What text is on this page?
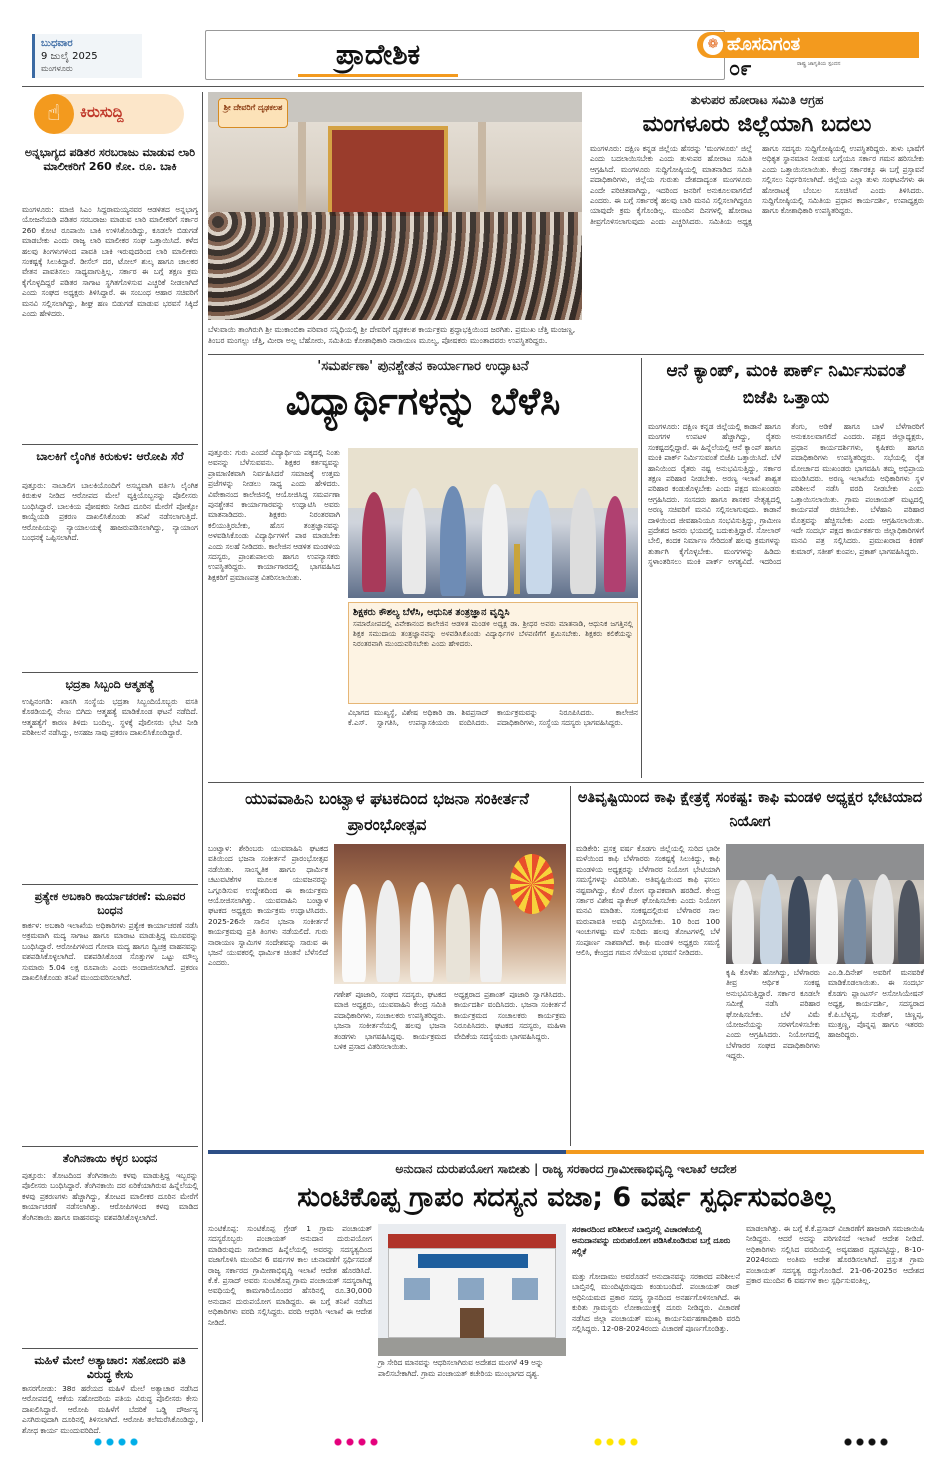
ಬುಧವಾರ
9 ಜುಲೈ 2025
ಮಂಗಳೂರು	ಪ್ರಾದೇಶಿಕ	❁ ಹೊಸದಿಗಂತ
ರಾಷ್ಟ್ರ ಜಾಗೃತಿಯ ಸ್ಪಂದನ
೦೯
☝	ಕಿರುಸುದ್ದಿ
ಅನ್ನಭಾಗ್ಯದ ಪಡಿತರ ಸರಬರಾಜು ಮಾಡುವ ಲಾರಿ ಮಾಲೀಕರಿಗೆ 260 ಕೋ. ರೂ. ಬಾಕಿ
ಮಂಗಳೂರು: ಮಾಜಿ ಸಿಎಂ ಸಿದ್ದರಾಮಯ್ಯನವರ ಆಡಳಿತದ ಅನ್ನಭಾಗ್ಯ ಯೋಜನೆಯಡಿ ಪಡಿತರ ಸರಬರಾಜು ಮಾಡುವ ಲಾರಿ ಮಾಲೀಕರಿಗೆ ಸರ್ಕಾರ 260 ಕೋಟಿ ರೂಪಾಯಿ ಬಾಕಿ ಉಳಿಸಿಕೊಂಡಿದ್ದು, ಕೂಡಲೇ ಬಿಡುಗಡೆ ಮಾಡಬೇಕು ಎಂದು ರಾಜ್ಯ ಲಾರಿ ಮಾಲೀಕರ ಸಂಘ ಒತ್ತಾಯಿಸಿದೆ. ಕಳೆದ ಹಲವು ತಿಂಗಳುಗಳಿಂದ ಪಾವತಿ ಬಾಕಿ ಇರುವುದರಿಂದ ಲಾರಿ ಮಾಲೀಕರು ಸಂಕಷ್ಟಕ್ಕೆ ಸಿಲುಕಿದ್ದಾರೆ. ಡೀಸೆಲ್ ದರ, ಟೋಲ್ ಶುಲ್ಕ ಹಾಗೂ ಚಾಲಕರ ವೇತನ ಪಾವತಿಸಲು ಸಾಧ್ಯವಾಗುತ್ತಿಲ್ಲ. ಸರ್ಕಾರ ಈ ಬಗ್ಗೆ ತಕ್ಷಣ ಕ್ರಮ ಕೈಗೊಳ್ಳದಿದ್ದರೆ ಪಡಿತರ ಸಾಗಾಟ ಸ್ಥಗಿತಗೊಳಿಸುವ ಎಚ್ಚರಿಕೆ ನೀಡಲಾಗಿದೆ ಎಂದು ಸಂಘದ ಅಧ್ಯಕ್ಷರು ತಿಳಿಸಿದ್ದಾರೆ. ಈ ಸಂಬಂಧ ಆಹಾರ ಸಚಿವರಿಗೆ ಮನವಿ ಸಲ್ಲಿಸಲಾಗಿದ್ದು, ಶೀಘ್ರ ಹಣ ಬಿಡುಗಡೆ ಮಾಡುವ ಭರವಸೆ ಸಿಕ್ಕಿದೆ ಎಂದು ಹೇಳಿದರು.
ಬಾಲಕಿಗೆ ಲೈಂಗಿಕ ಕಿರುಕುಳ: ಆರೋಪಿ ಸೆರೆ
ಪುತ್ತೂರು: ನಾಬಾಲಿಗ ಬಾಲಕಿಯೊಂದಿಗೆ ಅಸಭ್ಯವಾಗಿ ವರ್ತಿಸಿ ಲೈಂಗಿಕ ಕಿರುಕುಳ ನೀಡಿದ ಆರೋಪದ ಮೇಲೆ ವ್ಯಕ್ತಿಯೊಬ್ಬನನ್ನು ಪೊಲೀಸರು ಬಂಧಿಸಿದ್ದಾರೆ. ಬಾಲಕಿಯ ಪೋಷಕರು ನೀಡಿದ ದೂರಿನ ಮೇರೆಗೆ ಪೋಕ್ಸೋ ಕಾಯ್ದೆಯಡಿ ಪ್ರಕರಣ ದಾಖಲಿಸಿಕೊಂಡು ತನಿಖೆ ನಡೆಸಲಾಗುತ್ತಿದೆ. ಆರೋಪಿಯನ್ನು ನ್ಯಾಯಾಲಯಕ್ಕೆ ಹಾಜರುಪಡಿಸಲಾಗಿದ್ದು, ನ್ಯಾಯಾಂಗ ಬಂಧನಕ್ಕೆ ಒಪ್ಪಿಸಲಾಗಿದೆ.
ಭದ್ರತಾ ಸಿಬ್ಬಂದಿ ಆತ್ಮಹತ್ಯೆ
ಉಪ್ಪಿನಂಗಡಿ: ಖಾಸಗಿ ಸಂಸ್ಥೆಯ ಭದ್ರತಾ ಸಿಬ್ಬಂದಿಯೊಬ್ಬರು ವಸತಿ ಕೊಠಡಿಯಲ್ಲಿ ನೇಣು ಬಿಗಿದು ಆತ್ಮಹತ್ಯೆ ಮಾಡಿಕೊಂಡ ಘಟನೆ ನಡೆದಿದೆ. ಆತ್ಮಹತ್ಯೆಗೆ ಕಾರಣ ತಿಳಿದು ಬಂದಿಲ್ಲ. ಸ್ಥಳಕ್ಕೆ ಪೊಲೀಸರು ಭೇಟಿ ನೀಡಿ ಪರಿಶೀಲನೆ ನಡೆಸಿದ್ದು, ಅಸಹಜ ಸಾವು ಪ್ರಕರಣ ದಾಖಲಿಸಿಕೊಂಡಿದ್ದಾರೆ.
ಪ್ರತ್ಯೇಕ ಅಬಕಾರಿ ಕಾರ್ಯಾಚರಣೆ: ಮೂವರ ಬಂಧನ
ಕಾರ್ಕಳ: ಅಬಕಾರಿ ಇಲಾಖೆಯ ಅಧಿಕಾರಿಗಳು ಪ್ರತ್ಯೇಕ ಕಾರ್ಯಾಚರಣೆ ನಡೆಸಿ ಅಕ್ರಮವಾಗಿ ಮದ್ಯ ಸಾಗಾಟ ಹಾಗೂ ಮಾರಾಟ ಮಾಡುತ್ತಿದ್ದ ಮೂವರನ್ನು ಬಂಧಿಸಿದ್ದಾರೆ. ಆರೋಪಿಗಳಿಂದ ಗೋವಾ ಮದ್ಯ ಹಾಗೂ ದ್ವಿಚಕ್ರ ವಾಹನವನ್ನು ವಶಪಡಿಸಿಕೊಳ್ಳಲಾಗಿದೆ. ವಶಪಡಿಸಿಕೊಂಡ ಸೊತ್ತುಗಳ ಒಟ್ಟು ಮೌಲ್ಯ ಸುಮಾರು 5.04 ಲಕ್ಷ ರೂಪಾಯಿ ಎಂದು ಅಂದಾಜಿಸಲಾಗಿದೆ. ಪ್ರಕರಣ ದಾಖಲಿಸಿಕೊಂಡು ತನಿಖೆ ಮುಂದುವರಿಸಲಾಗಿದೆ.
ತೆಂಗಿನಕಾಯಿ ಕಳ್ಳರ ಬಂಧನ
ಪುತ್ತೂರು: ತೋಟದಿಂದ ತೆಂಗಿನಕಾಯಿ ಕಳವು ಮಾಡುತ್ತಿದ್ದ ಇಬ್ಬರನ್ನು ಪೊಲೀಸರು ಬಂಧಿಸಿದ್ದಾರೆ. ತೆಂಗಿನಕಾಯಿ ದರ ಏರಿಕೆಯಾಗಿರುವ ಹಿನ್ನೆಲೆಯಲ್ಲಿ ಕಳವು ಪ್ರಕರಣಗಳು ಹೆಚ್ಚಾಗಿದ್ದು, ತೋಟದ ಮಾಲೀಕರ ದೂರಿನ ಮೇರೆಗೆ ಕಾರ್ಯಾಚರಣೆ ನಡೆಸಲಾಗಿತ್ತು. ಆರೋಪಿಗಳಿಂದ ಕಳವು ಮಾಡಿದ ತೆಂಗಿನಕಾಯಿ ಹಾಗೂ ವಾಹನವನ್ನು ವಶಪಡಿಸಿಕೊಳ್ಳಲಾಗಿದೆ.
ಮಹಿಳೆ ಮೇಲೆ ಅತ್ಯಾಚಾರ: ಸಹೋದರಿ ಪತಿ ವಿರುದ್ಧ ಕೇಸು
ಕಾಸರಗೋಡು: 38ರ ಹರೆಯದ ಮಹಿಳೆ ಮೇಲೆ ಅತ್ಯಾಚಾರ ನಡೆಸಿದ ಆರೋಪದಲ್ಲಿ ಆಕೆಯ ಸಹೋದರಿಯ ಪತಿಯ ವಿರುದ್ಧ ಪೊಲೀಸರು ಕೇಸು ದಾಖಲಿಸಿದ್ದಾರೆ. ಆರೋಪಿ ಮಹಿಳೆಗೆ ಬೆದರಿಕೆ ಒಡ್ಡಿ ದೌರ್ಜನ್ಯ ಎಸಗಿರುವುದಾಗಿ ದೂರಿನಲ್ಲಿ ತಿಳಿಸಲಾಗಿದೆ. ಆರೋಪಿ ತಲೆಮರೆಸಿಕೊಂಡಿದ್ದು, ಶೋಧ ಕಾರ್ಯ ಮುಂದುವರಿದಿದೆ.
ಶ್ರೀ ದೇವರಿಗೆ ದೃಢಕಲಶ
ಬೆಳುವಾಯಿ ತಾಂಗಿರುಗಿ ಶ್ರೀ ಮುಕಾಂಬಿಕಾ ಪರಿವಾರ ಸನ್ನಿಧಿಯಲ್ಲಿ ಶ್ರೀ ದೇವರಿಗೆ ದೃಢಕಲಶ ಕಾರ್ಯಕ್ರಮ ಶ್ರದ್ಧಾಭಕ್ತಿಯಿಂದ ಜರಗಿತು. ಪ್ರಮುಖ ಚೆತ್ತಿ ಮಂಜಣ್ಣ, ತಿಂಬರ ಮಂಗಲ್ಲು ಚೆತ್ತಿ, ಮೀರಾ ಅಲ್ಲ ಬೆಹೋರು, ಸಮಿತಿಯ ಕೋಶಾಧಿಕಾರಿ ನಾರಾಯಣ ಮೂಲ್ಯ, ಪೋಷಕರು ಮುಂತಾದವರು ಉಪಸ್ಥಿತರಿದ್ದರು.
ತುಳುಪರ ಹೋರಾಟ ಸಮಿತಿ ಆಗ್ರಹ
ಮಂಗಳೂರು ಜಿಲ್ಲೆಯಾಗಿ ಬದಲು
ಮಂಗಳೂರು: ದಕ್ಷಿಣ ಕನ್ನಡ ಜಿಲ್ಲೆಯ ಹೆಸರನ್ನು 'ಮಂಗಳೂರು' ಜಿಲ್ಲೆ ಎಂದು ಬದಲಾಯಿಸಬೇಕು ಎಂದು ತುಳುಪರ ಹೋರಾಟ ಸಮಿತಿ ಆಗ್ರಹಿಸಿದೆ. ಮಂಗಳೂರು ಸುದ್ದಿಗೋಷ್ಠಿಯಲ್ಲಿ ಮಾತನಾಡಿದ ಸಮಿತಿ ಪದಾಧಿಕಾರಿಗಳು, ಜಿಲ್ಲೆಯ ಗುರುತು ದೇಶದಾದ್ಯಂತ ಮಂಗಳೂರು ಎಂದೇ ಪರಿಚಿತವಾಗಿದ್ದು, ಇದರಿಂದ ಜನರಿಗೆ ಅನುಕೂಲವಾಗಲಿದೆ ಎಂದರು. ಈ ಬಗ್ಗೆ ಸರ್ಕಾರಕ್ಕೆ ಹಲವು ಬಾರಿ ಮನವಿ ಸಲ್ಲಿಸಲಾಗಿದ್ದರೂ ಯಾವುದೇ ಕ್ರಮ ಕೈಗೊಂಡಿಲ್ಲ. ಮುಂದಿನ ದಿನಗಳಲ್ಲಿ ಹೋರಾಟ ತೀವ್ರಗೊಳಿಸಲಾಗುವುದು ಎಂದು ಎಚ್ಚರಿಸಿದರು. ಸಮಿತಿಯ ಅಧ್ಯಕ್ಷ ಹಾಗೂ ಸದಸ್ಯರು ಸುದ್ದಿಗೋಷ್ಠಿಯಲ್ಲಿ ಉಪಸ್ಥಿತರಿದ್ದರು. ತುಳು ಭಾಷೆಗೆ ಅಧಿಕೃತ ಸ್ಥಾನಮಾನ ನೀಡುವ ಬಗ್ಗೆಯೂ ಸರ್ಕಾರ ಗಮನ ಹರಿಸಬೇಕು ಎಂದು ಒತ್ತಾಯಿಸಲಾಯಿತು. ಕೇಂದ್ರ ಸರ್ಕಾರಕ್ಕೂ ಈ ಬಗ್ಗೆ ಪ್ರಸ್ತಾವನೆ ಸಲ್ಲಿಸಲು ನಿರ್ಧರಿಸಲಾಗಿದೆ. ಜಿಲ್ಲೆಯ ಎಲ್ಲಾ ತುಳು ಸಂಘಟನೆಗಳು ಈ ಹೋರಾಟಕ್ಕೆ ಬೆಂಬಲ ಸೂಚಿಸಿವೆ ಎಂದು ತಿಳಿಸಿದರು. ಸುದ್ದಿಗೋಷ್ಠಿಯಲ್ಲಿ ಸಮಿತಿಯ ಪ್ರಧಾನ ಕಾರ್ಯದರ್ಶಿ, ಉಪಾಧ್ಯಕ್ಷರು ಹಾಗೂ ಕೋಶಾಧಿಕಾರಿ ಉಪಸ್ಥಿತರಿದ್ದರು.
'ಸಮರ್ಪಣಾ' ಪುನಶ್ಚೇತನ ಕಾರ್ಯಾಗಾರ ಉದ್ಘಾಟನೆ
ವಿದ್ಯಾರ್ಥಿಗಳನ್ನು ಬೆಳೆಸಿ
ಪುತ್ತೂರು: ಗುರು ಎಂದರೆ ವಿದ್ಯಾರ್ಥಿಯ ಪಕ್ಕದಲ್ಲಿ ನಿಂತು ಅವನನ್ನು ಬೆಳೆಸುವವನು. ಶಿಕ್ಷಕರ ಕರ್ತವ್ಯವನ್ನು ಪ್ರಾಮಾಣಿಕವಾಗಿ ನಿರ್ವಹಿಸಿದರೆ ಸಮಾಜಕ್ಕೆ ಉತ್ತಮ ಪ್ರಜೆಗಳನ್ನು ನೀಡಲು ಸಾಧ್ಯ ಎಂದು ಹೇಳಿದರು. ವಿವೇಕಾನಂದ ಕಾಲೇಜಿನಲ್ಲಿ ಆಯೋಜಿಸಿದ್ದ ಸಮರ್ಪಣಾ ಪುನಶ್ಚೇತನ ಕಾರ್ಯಾಗಾರವನ್ನು ಉದ್ಘಾಟಿಸಿ ಅವರು ಮಾತನಾಡಿದರು. ಶಿಕ್ಷಕರು ನಿರಂತರವಾಗಿ ಕಲಿಯುತ್ತಿರಬೇಕು, ಹೊಸ ತಂತ್ರಜ್ಞಾನವನ್ನು ಅಳವಡಿಸಿಕೊಂಡು ವಿದ್ಯಾರ್ಥಿಗಳಿಗೆ ಪಾಠ ಮಾಡಬೇಕು ಎಂದು ಸಲಹೆ ನೀಡಿದರು. ಕಾಲೇಜಿನ ಆಡಳಿತ ಮಂಡಳಿಯ ಸದಸ್ಯರು, ಪ್ರಾಂಶುಪಾಲರು ಹಾಗೂ ಉಪನ್ಯಾಸಕರು ಉಪಸ್ಥಿತರಿದ್ದರು. ಕಾರ್ಯಾಗಾರದಲ್ಲಿ ಭಾಗವಹಿಸಿದ ಶಿಕ್ಷಕರಿಗೆ ಪ್ರಮಾಣಪತ್ರ ವಿತರಿಸಲಾಯಿತು.
ಶಿಕ್ಷಕರು ಕೌಶಲ್ಯ ಬೆಳೆಸಿ, ಆಧುನಿಕ ತಂತ್ರಜ್ಞಾನ ವೃದ್ಧಿಸಿ
ಸಮಾರೋಪದಲ್ಲಿ ವಿವೇಕಾನಂದ ಕಾಲೇಜಿನ ಆಡಳಿತ ಮಂಡಳಿ ಅಧ್ಯಕ್ಷ ಡಾ. ಶ್ರೀಧರ ಅವರು ಮಾತನಾಡಿ, ಆಧುನಿಕ ಜಗತ್ತಿನಲ್ಲಿ ಶಿಕ್ಷಕ ಸಮುದಾಯ ತಂತ್ರಜ್ಞಾನವನ್ನು ಅಳವಡಿಸಿಕೊಂಡು ವಿದ್ಯಾರ್ಥಿಗಳ ಬೆಳವಣಿಗೆಗೆ ಶ್ರಮಿಸಬೇಕು. ಶಿಕ್ಷಕರು ಕಲಿಕೆಯನ್ನು ನಿರಂತರವಾಗಿ ಮುಂದುವರಿಸಬೇಕು ಎಂದು ಹೇಳಿದರು.
ವಿಭಾಗದ ಮುಖ್ಯಸ್ಥೆ, ವಿಶೇಷ ಅಧಿಕಾರಿ ಡಾ. ಶಿವಪ್ರಸಾದ್ ಕೆ.ಎಸ್. ಸ್ವಾಗತಿಸಿ, ಉಪನ್ಯಾಸಕಿಯರು ವಂದಿಸಿದರು. ಕಾರ್ಯಕ್ರಮವನ್ನು ನಿರೂಪಿಸಿದರು. ಕಾಲೇಜಿನ ಪದಾಧಿಕಾರಿಗಳು, ಸಂಸ್ಥೆಯ ಸದಸ್ಯರು ಭಾಗವಹಿಸಿದ್ದರು.
ಆನೆ ಕ್ಯಾಂಪ್, ಮಂಕಿ ಪಾರ್ಕ್ ನಿರ್ಮಿಸುವಂತೆ ಬಿಜೆಪಿ ಒತ್ತಾಯ
ಮಂಗಳೂರು: ದಕ್ಷಿಣ ಕನ್ನಡ ಜಿಲ್ಲೆಯಲ್ಲಿ ಕಾಡಾನೆ ಹಾಗೂ ಮಂಗಗಳ ಉಪಟಳ ಹೆಚ್ಚಾಗಿದ್ದು, ರೈತರು ಸಂಕಷ್ಟದಲ್ಲಿದ್ದಾರೆ. ಈ ಹಿನ್ನೆಲೆಯಲ್ಲಿ ಆನೆ ಕ್ಯಾಂಪ್ ಹಾಗೂ ಮಂಕಿ ಪಾರ್ಕ್ ನಿರ್ಮಿಸುವಂತೆ ಬಿಜೆಪಿ ಒತ್ತಾಯಿಸಿದೆ. ಬೆಳೆ ಹಾನಿಯಿಂದ ರೈತರು ನಷ್ಟ ಅನುಭವಿಸುತ್ತಿದ್ದು, ಸರ್ಕಾರ ತಕ್ಷಣ ಪರಿಹಾರ ನೀಡಬೇಕು. ಅರಣ್ಯ ಇಲಾಖೆ ಶಾಶ್ವತ ಪರಿಹಾರ ಕಂಡುಕೊಳ್ಳಬೇಕು ಎಂದು ಪಕ್ಷದ ಮುಖಂಡರು ಆಗ್ರಹಿಸಿದರು. ಸಂಸದರು ಹಾಗೂ ಶಾಸಕರ ನೇತೃತ್ವದಲ್ಲಿ ಅರಣ್ಯ ಸಚಿವರಿಗೆ ಮನವಿ ಸಲ್ಲಿಸಲಾಗುವುದು. ಕಾಡಾನೆ ದಾಳಿಯಿಂದ ಜೀವಹಾನಿಯೂ ಸಂಭವಿಸುತ್ತಿದ್ದು, ಗ್ರಾಮೀಣ ಪ್ರದೇಶದ ಜನರು ಭಯದಲ್ಲಿ ಬದುಕುತ್ತಿದ್ದಾರೆ. ಸೋಲಾರ್ ಬೇಲಿ, ಕಂದಕ ನಿರ್ಮಾಣ ಸೇರಿದಂತೆ ಹಲವು ಕ್ರಮಗಳನ್ನು ತುರ್ತಾಗಿ ಕೈಗೊಳ್ಳಬೇಕು. ಮಂಗಗಳನ್ನು ಹಿಡಿದು ಸ್ಥಳಾಂತರಿಸಲು ಮಂಕಿ ಪಾರ್ಕ್ ಅಗತ್ಯವಿದೆ. ಇದರಿಂದ ತೆಂಗು, ಅಡಿಕೆ ಹಾಗೂ ಬಾಳೆ ಬೆಳೆಗಾರರಿಗೆ ಅನುಕೂಲವಾಗಲಿದೆ ಎಂದರು. ಪಕ್ಷದ ಜಿಲ್ಲಾಧ್ಯಕ್ಷರು, ಪ್ರಧಾನ ಕಾರ್ಯದರ್ಶಿಗಳು, ಕೃಷಿಕರು ಹಾಗೂ ಪದಾಧಿಕಾರಿಗಳು ಉಪಸ್ಥಿತರಿದ್ದರು. ಸಭೆಯಲ್ಲಿ ರೈತ ಮೋರ್ಚಾದ ಮುಖಂಡರು ಭಾಗವಹಿಸಿ ತಮ್ಮ ಅಭಿಪ್ರಾಯ ಮಂಡಿಸಿದರು. ಅರಣ್ಯ ಇಲಾಖೆಯ ಅಧಿಕಾರಿಗಳು ಸ್ಥಳ ಪರಿಶೀಲನೆ ನಡೆಸಿ ವರದಿ ನೀಡಬೇಕು ಎಂದು ಒತ್ತಾಯಿಸಲಾಯಿತು. ಗ್ರಾಮ ಪಂಚಾಯತ್ ಮಟ್ಟದಲ್ಲಿ ಕಾರ್ಯಪಡೆ ರಚಿಸಬೇಕು. ಬೆಳೆಹಾನಿ ಪರಿಹಾರ ಮೊತ್ತವನ್ನು ಹೆಚ್ಚಿಸಬೇಕು ಎಂದು ಆಗ್ರಹಿಸಲಾಯಿತು. ಇದೇ ಸಂದರ್ಭ ಪಕ್ಷದ ಕಾರ್ಯಕರ್ತರು ಜಿಲ್ಲಾಧಿಕಾರಿಗಳಿಗೆ ಮನವಿ ಪತ್ರ ಸಲ್ಲಿಸಿದರು. ಪ್ರಮುಖರಾದ ಕಿರಣ್ ಕುಮಾರ್, ಸತೀಶ್ ಕುಂಪಲ, ಪ್ರಕಾಶ್ ಭಾಗವಹಿಸಿದ್ದರು.
ಯುವವಾಹಿನಿ ಬಂಟ್ವಾಳ ಘಟಕದಿಂದ ಭಜನಾ ಸಂಕೀರ್ತನೆ ಪ್ರಾರಂಭೋತ್ಸವ
ಬಂಟ್ವಾಳ: ಶೇರಿಂಬರು ಯುವವಾಹಿನಿ ಘಟಕದ ವತಿಯಿಂದ ಭಜನಾ ಸಂಕೀರ್ತನೆ ಪ್ರಾರಂಭೋತ್ಸವ ನಡೆಯಿತು. ಸಾಂಸ್ಕೃತಿಕ ಹಾಗೂ ಧಾರ್ಮಿಕ ಚಟುವಟಿಕೆಗಳ ಮೂಲಕ ಯುವಜನರನ್ನು ಒಗ್ಗೂಡಿಸುವ ಉದ್ದೇಶದಿಂದ ಈ ಕಾರ್ಯಕ್ರಮ ಆಯೋಜಿಸಲಾಗಿತ್ತು. ಯುವವಾಹಿನಿ ಬಂಟ್ವಾಳ ಘಟಕದ ಅಧ್ಯಕ್ಷರು ಕಾರ್ಯಕ್ರಮ ಉದ್ಘಾಟಿಸಿದರು. 2025-26ನೇ ಸಾಲಿನ ಭಜನಾ ಸಂಕೀರ್ತನೆ ಕಾರ್ಯಕ್ರಮವು ಪ್ರತಿ ತಿಂಗಳು ನಡೆಯಲಿದೆ. ಗುರು ನಾರಾಯಣ ಸ್ವಾಮಿಗಳ ಸಂದೇಶವನ್ನು ಸಾರುವ ಈ ಭಜನೆ ಯುವಕರಲ್ಲಿ ಧಾರ್ಮಿಕ ಚಿಂತನೆ ಬೆಳೆಸಲಿದೆ ಎಂದರು.
ಗಣೇಶ್ ಪೂಜಾರಿ, ಸಂಘದ ಸದಸ್ಯರು, ಘಟಕದ ಮಾಜಿ ಅಧ್ಯಕ್ಷರು, ಯುವವಾಹಿನಿ ಕೇಂದ್ರ ಸಮಿತಿ ಪದಾಧಿಕಾರಿಗಳು, ಸಂಚಾಲಕರು ಉಪಸ್ಥಿತರಿದ್ದರು. ಭಜನಾ ಸಂಕೀರ್ತನೆಯಲ್ಲಿ ಹಲವು ಭಜನಾ ತಂಡಗಳು ಭಾಗವಹಿಸಿದ್ದವು. ಕಾರ್ಯಕ್ರಮದ ಬಳಿಕ ಪ್ರಸಾದ ವಿತರಿಸಲಾಯಿತು.
ಅಧ್ಯಕ್ಷರಾದ ಪ್ರಶಾಂತ್ ಪೂಜಾರಿ ಸ್ವಾಗತಿಸಿದರು. ಕಾರ್ಯದರ್ಶಿ ವಂದಿಸಿದರು. ಭಜನಾ ಸಂಕೀರ್ತನೆ ಕಾರ್ಯಕ್ರಮದ ಸಂಚಾಲಕರು ಕಾರ್ಯಕ್ರಮ ನಿರೂಪಿಸಿದರು. ಘಟಕದ ಸದಸ್ಯರು, ಮಹಿಳಾ ವೇದಿಕೆಯ ಸದಸ್ಯೆಯರು ಭಾಗವಹಿಸಿದ್ದರು.
ಅತಿವೃಷ್ಟಿಯಿಂದ ಕಾಫಿ ಕ್ಷೇತ್ರಕ್ಕೆ ಸಂಕಷ್ಟ: ಕಾಫಿ ಮಂಡಳಿ ಅಧ್ಯಕ್ಷರ ಭೇಟಿಯಾದ ನಿಯೋಗ
ಮಡಿಕೇರಿ: ಪ್ರಸಕ್ತ ವರ್ಷ ಕೊಡಗು ಜಿಲ್ಲೆಯಲ್ಲಿ ಸುರಿದ ಭಾರೀ ಮಳೆಯಿಂದ ಕಾಫಿ ಬೆಳೆಗಾರರು ಸಂಕಷ್ಟಕ್ಕೆ ಸಿಲುಕಿದ್ದು, ಕಾಫಿ ಮಂಡಳಿಯ ಅಧ್ಯಕ್ಷರನ್ನು ಬೆಳೆಗಾರರ ನಿಯೋಗ ಭೇಟಿಯಾಗಿ ಸಮಸ್ಯೆಗಳನ್ನು ವಿವರಿಸಿತು. ಅತಿವೃಷ್ಟಿಯಿಂದ ಕಾಫಿ ಫಸಲು ನಷ್ಟವಾಗಿದ್ದು, ಕೊಳೆ ರೋಗ ವ್ಯಾಪಕವಾಗಿ ಹರಡಿದೆ. ಕೇಂದ್ರ ಸರ್ಕಾರ ವಿಶೇಷ ಪ್ಯಾಕೇಜ್ ಘೋಷಿಸಬೇಕು ಎಂದು ನಿಯೋಗ ಮನವಿ ಮಾಡಿತು. ಸಂಕಷ್ಟದಲ್ಲಿರುವ ಬೆಳೆಗಾರರ ಸಾಲ ಮರುಪಾವತಿ ಅವಧಿ ವಿಸ್ತರಿಸಬೇಕು. 10 ರಿಂದ 100 ಇಂಚುಗಳಷ್ಟು ಮಳೆ ಸುರಿದು ಹಲವು ತೋಟಗಳಲ್ಲಿ ಬೆಳೆ ಸಂಪೂರ್ಣ ನಾಶವಾಗಿದೆ. ಕಾಫಿ ಮಂಡಳಿ ಅಧ್ಯಕ್ಷರು ಸಮಸ್ಯೆ ಆಲಿಸಿ, ಕೇಂದ್ರದ ಗಮನ ಸೆಳೆಯುವ ಭರವಸೆ ನೀಡಿದರು.
ಕೃಷಿ ಕೊಳೆತು ಹೋಗಿದ್ದು, ಬೆಳೆಗಾರರು ತೀವ್ರ ಆರ್ಥಿಕ ಸಂಕಷ್ಟ ಅನುಭವಿಸುತ್ತಿದ್ದಾರೆ. ಸರ್ಕಾರ ಕೂಡಲೇ ಸಮೀಕ್ಷೆ ನಡೆಸಿ ಪರಿಹಾರ ಘೋಷಿಸಬೇಕು. ಬೆಳೆ ವಿಮೆ ಯೋಜನೆಯನ್ನು ಸರಳಗೊಳಿಸಬೇಕು ಎಂದು ಆಗ್ರಹಿಸಿದರು. ನಿಯೋಗದಲ್ಲಿ ಬೆಳೆಗಾರರ ಸಂಘದ ಪದಾಧಿಕಾರಿಗಳು ಇದ್ದರು.
ಎಂ.ಡಿ.ದಿನೇಶ್ ಅವರಿಗೆ ಮನವರಿಕೆ ಮಾಡಿಕೊಡಲಾಯಿತು. ಈ ಸಂದರ್ಭ ಕೊಡಗು ಪ್ಲಾಂಟರ್ಸ್ ಅಸೋಸಿಯೇಷನ್ ಅಧ್ಯಕ್ಷ, ಕಾರ್ಯದರ್ಶಿ, ಸದಸ್ಯರಾದ ಕೆ.ಪಿ.ಬೆಳ್ಯಪ್ಪ, ಸುರೇಶ್, ಚಿಣ್ಣಪ್ಪ, ಮುತ್ತಣ್ಣ, ಪೊನ್ನಪ್ಪ ಹಾಗೂ ಇತರರು ಹಾಜರಿದ್ದರು.
ಅನುದಾನ ದುರುಪಯೋಗ ಸಾಬೀತು | ರಾಜ್ಯ ಸರಕಾರದ ಗ್ರಾಮೀಣಾಭಿವೃದ್ಧಿ ಇಲಾಖೆ ಆದೇಶ
ಸುಂಟಿಕೊಪ್ಪ ಗ್ರಾಪಂ ಸದಸ್ಯನ ವಜಾ; 6 ವರ್ಷ ಸ್ಪರ್ಧಿಸುವಂತಿಲ್ಲ
ಸುಂಟಿಕೊಪ್ಪ: ಸುಂಟಿಕೊಪ್ಪ ಗ್ರೇಡ್ 1 ಗ್ರಾಮ ಪಂಚಾಯತ್ ಸದಸ್ಯರೊಬ್ಬರು ಪಂಚಾಯತ್ ಅನುದಾನ ದುರುಪಯೋಗ ಮಾಡಿರುವುದು ಸಾಬೀತಾದ ಹಿನ್ನೆಲೆಯಲ್ಲಿ ಅವರನ್ನು ಸದಸ್ಯತ್ವದಿಂದ ವಜಾಗೊಳಿಸಿ ಮುಂದಿನ 6 ವರ್ಷಗಳ ಕಾಲ ಚುನಾವಣೆಗೆ ಸ್ಪರ್ಧಿಸದಂತೆ ರಾಜ್ಯ ಸರ್ಕಾರದ ಗ್ರಾಮೀಣಾಭಿವೃದ್ಧಿ ಇಲಾಖೆ ಆದೇಶ ಹೊರಡಿಸಿದೆ. ಕೆ.ಕೆ. ಪ್ರಸಾದ್ ಅವರು ಸುಂಟಿಕೊಪ್ಪ ಗ್ರಾಮ ಪಂಚಾಯತ್ ಸದಸ್ಯರಾಗಿದ್ದ ಅವಧಿಯಲ್ಲಿ ಕಾಮಗಾರಿಯೊಂದರ ಹೆಸರಿನಲ್ಲಿ ರೂ.30,000 ಅನುದಾನ ದುರುಪಯೋಗ ಮಾಡಿದ್ದರು. ಈ ಬಗ್ಗೆ ತನಿಖೆ ನಡೆಸಿದ ಅಧಿಕಾರಿಗಳು ವರದಿ ಸಲ್ಲಿಸಿದ್ದರು. ವರದಿ ಆಧರಿಸಿ ಇಲಾಖೆ ಈ ಆದೇಶ ನೀಡಿದೆ.
ಗ್ರಾ ಸೇರಿದ ಮಾನವನ್ನು ಆಧರಿಸಲಾಗಿರುವ ಅದೇಶದ ಮಂಗಳೆ 49 ಅನ್ನು ಪಾಲಿಸಬೇಕಾಗಿದೆ. ಗ್ರಾಮ ಪಂಚಾಯತ್ ಕಚೇರಿಯ ಮುಂಭಾಗದ ದೃಶ್ಯ.
ಸರಕಾರದಿಂದ ಪರಿಶೀಲನೆ ಬಾಬ್ತಿನಲ್ಲಿ ವಿಚಾರಣೆಯಲ್ಲಿ ಅನುದಾನವನ್ನು ದುರುಪಯೋಗ ಪಡಿಸಿಕೊಂಡಿರುವ ಬಗ್ಗೆ ದೂರು ಸಲ್ಲಿಕೆ
ಮತ್ತು ಗೋದಾಮು ಅವರೊಡನೆ ಅನುದಾನವನ್ನು ಸರಕಾರದ ಪರಿಶೀಲನೆ ಬಾಬ್ತಿನಲ್ಲಿ ಮುಂದಿಟ್ಟಿರುವುದು ಕಂಡುಬಂದಿದೆ. ಪಂಚಾಯತ್ ರಾಜ್ ಅಧಿನಿಯಮದ ಪ್ರಕಾರ ಸದಸ್ಯ ಸ್ಥಾನದಿಂದ ಅನರ್ಹಗೊಳಿಸಲಾಗಿದೆ. ಈ ಕುರಿತು ಗ್ರಾಮಸ್ಥರು ಲೋಕಾಯುಕ್ತಕ್ಕೆ ದೂರು ನೀಡಿದ್ದರು. ವಿಚಾರಣೆ ನಡೆಸಿದ ಜಿಲ್ಲಾ ಪಂಚಾಯತ್ ಮುಖ್ಯ ಕಾರ್ಯನಿರ್ವಹಣಾಧಿಕಾರಿ ವರದಿ ಸಲ್ಲಿಸಿದ್ದರು. 12-08-2024ರಂದು ವಿಚಾರಣೆ ಪೂರ್ಣಗೊಂಡಿತ್ತು.
ಮಾಡಲಾಗಿತ್ತು. ಈ ಬಗ್ಗೆ ಕೆ.ಕೆ.ಪ್ರಸಾದ್ ವಿಚಾರಣೆಗೆ ಹಾಜರಾಗಿ ಸಮಜಾಯಿಷಿ ನೀಡಿದ್ದರು. ಆದರೆ ಅದನ್ನು ಪರಿಗಣಿಸದೆ ಇಲಾಖೆ ಆದೇಶ ನೀಡಿದೆ. ಅಧಿಕಾರಿಗಳು ಸಲ್ಲಿಸಿದ ವರದಿಯಲ್ಲಿ ಅವ್ಯವಹಾರ ದೃಢಪಟ್ಟಿದ್ದು, 8-10-2024ರಂದು ಅಂತಿಮ ಆದೇಶ ಹೊರಡಿಸಲಾಗಿದೆ. ಪ್ರಸ್ತುತ ಗ್ರಾಮ ಪಂಚಾಯತ್ ಸದಸ್ಯತ್ವ ರದ್ದುಗೊಂಡಿದೆ. 21-06-2025ರ ಆದೇಶದ ಪ್ರಕಾರ ಮುಂದಿನ 6 ವರ್ಷಗಳ ಕಾಲ ಸ್ಪರ್ಧಿಸುವಂತಿಲ್ಲ.
